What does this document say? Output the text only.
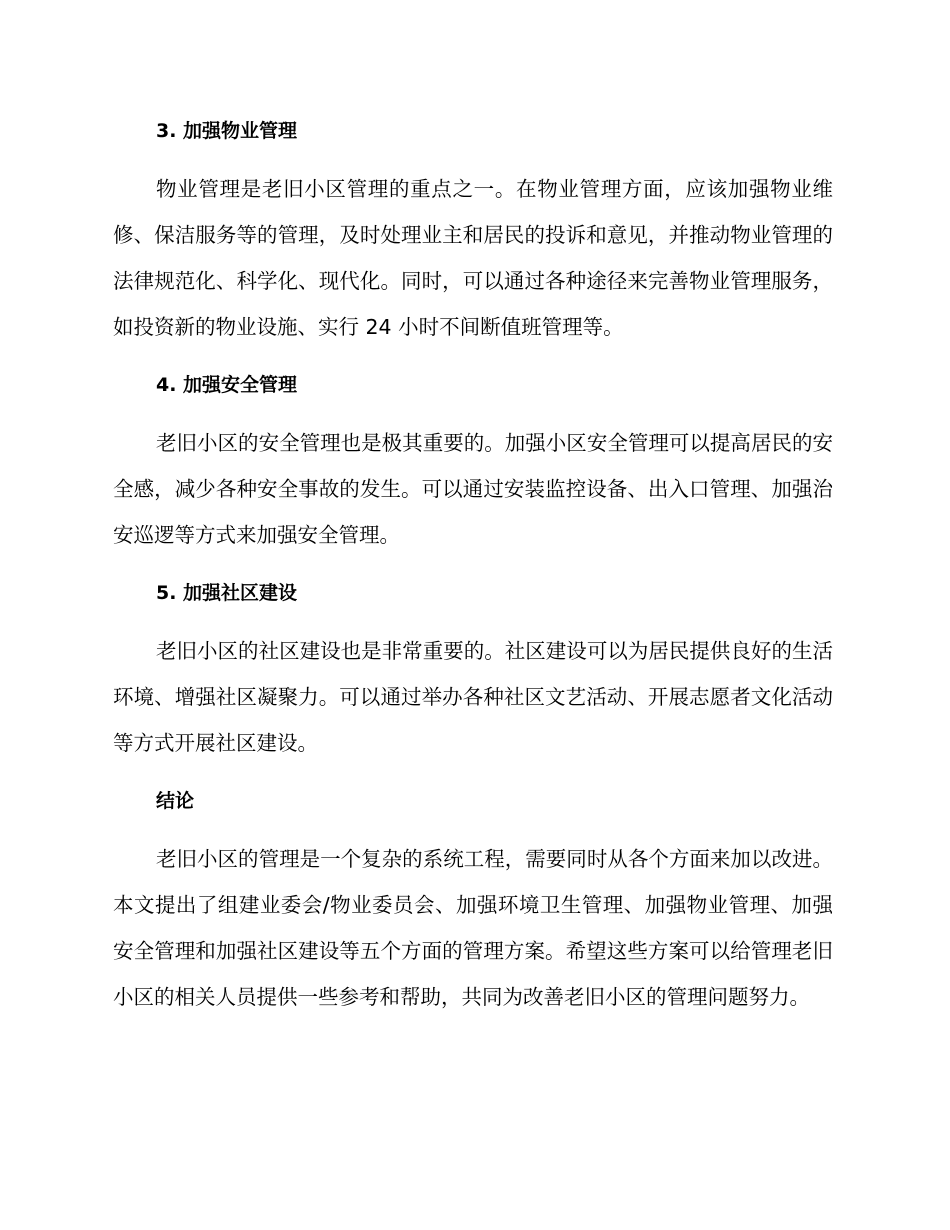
3. 加强物业管理

物业管理是老旧小区管理的重点之一。在物业管理方面，应该加强物业维修、保洁服务等的管理，及时处理业主和居民的投诉和意见，并推动物业管理的法律规范化、科学化、现代化。同时，可以通过各种途径来完善物业管理服务，如投资新的物业设施、实行 24 小时不间断值班管理等。

4. 加强安全管理

老旧小区的安全管理也是极其重要的。加强小区安全管理可以提高居民的安全感，减少各种安全事故的发生。可以通过安装监控设备、出入口管理、加强治安巡逻等方式来加强安全管理。

5. 加强社区建设

老旧小区的社区建设也是非常重要的。社区建设可以为居民提供良好的生活环境、增强社区凝聚力。可以通过举办各种社区文艺活动、开展志愿者文化活动等方式开展社区建设。

结论

老旧小区的管理是一个复杂的系统工程，需要同时从各个方面来加以改进。本文提出了组建业委会/物业委员会、加强环境卫生管理、加强物业管理、加强安全管理和加强社区建设等五个方面的管理方案。希望这些方案可以给管理老旧小区的相关人员提供一些参考和帮助，共同为改善老旧小区的管理问题努力。
